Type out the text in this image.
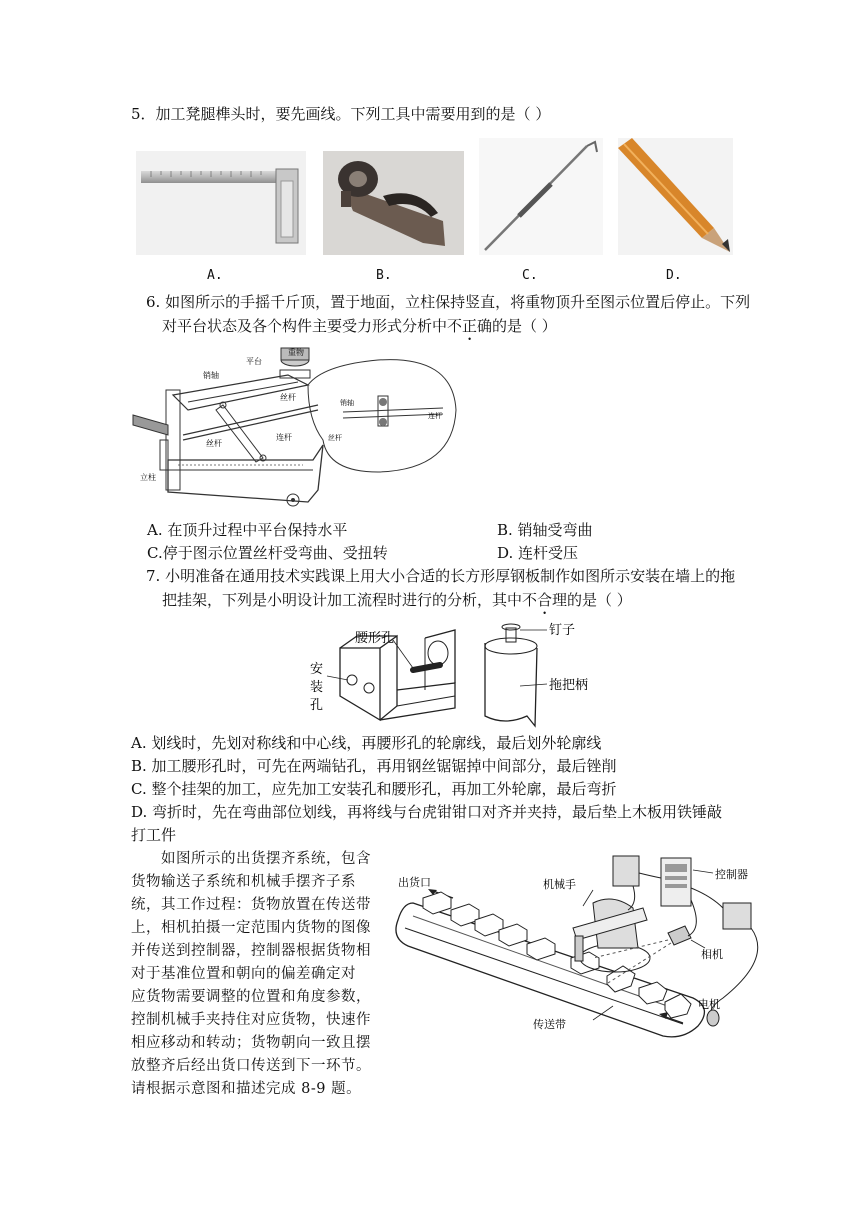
5．加工凳腿榫头时，要先画线。下列工具中需要用到的是（ ）
A.	B.	C.	D.
6. 如图所示的手摇千斤顶，置于地面，立柱保持竖直，将重物顶升至图示位置后停止。下列
对平台状态及各个构件主要受力形式分析中不正确的是（ ）
重物
平台
销轴
丝杆
连杆
丝杆
立柱
销轴
连杆
丝杆
A. 在顶升过程中平台保持水平	B. 销轴受弯曲
C.停于图示位置丝杆受弯曲、受扭转	D. 连杆受压
7. 小明准备在通用技术实践课上用大小合适的长方形厚钢板制作如图所示安装在墙上的拖
把挂架，下列是小明设计加工流程时进行的分析，其中不合理的是（ ）
腰形孔
安
装
孔
钉子
拖把柄
A. 划线时，先划对称线和中心线，再腰形孔的轮廓线，最后划外轮廓线
B. 加工腰形孔时，可先在两端钻孔，再用钢丝锯锯掉中间部分，最后锉削
C. 整个挂架的加工，应先加工安装孔和腰形孔，再加工外轮廓，最后弯折
D. 弯折时，先在弯曲部位划线，再将线与台虎钳钳口对齐并夹持，最后垫上木板用铁锤敲
打工件
如图所示的出货摆齐系统，包含
货物输送子系统和机械手摆齐子系
统，其工作过程：货物放置在传送带
上，相机拍摄一定范围内货物的图像
并传送到控制器，控制器根据货物相
对于基准位置和朝向的偏差确定对
应货物需要调整的位置和角度参数，
控制机械手夹持住对应货物，快速作
相应移动和转动；货物朝向一致且摆
放整齐后经出货口传送到下一环节。
请根据示意图和描述完成 8-9 题。
出货口	机械手
控制器
相机
电机
传送带
